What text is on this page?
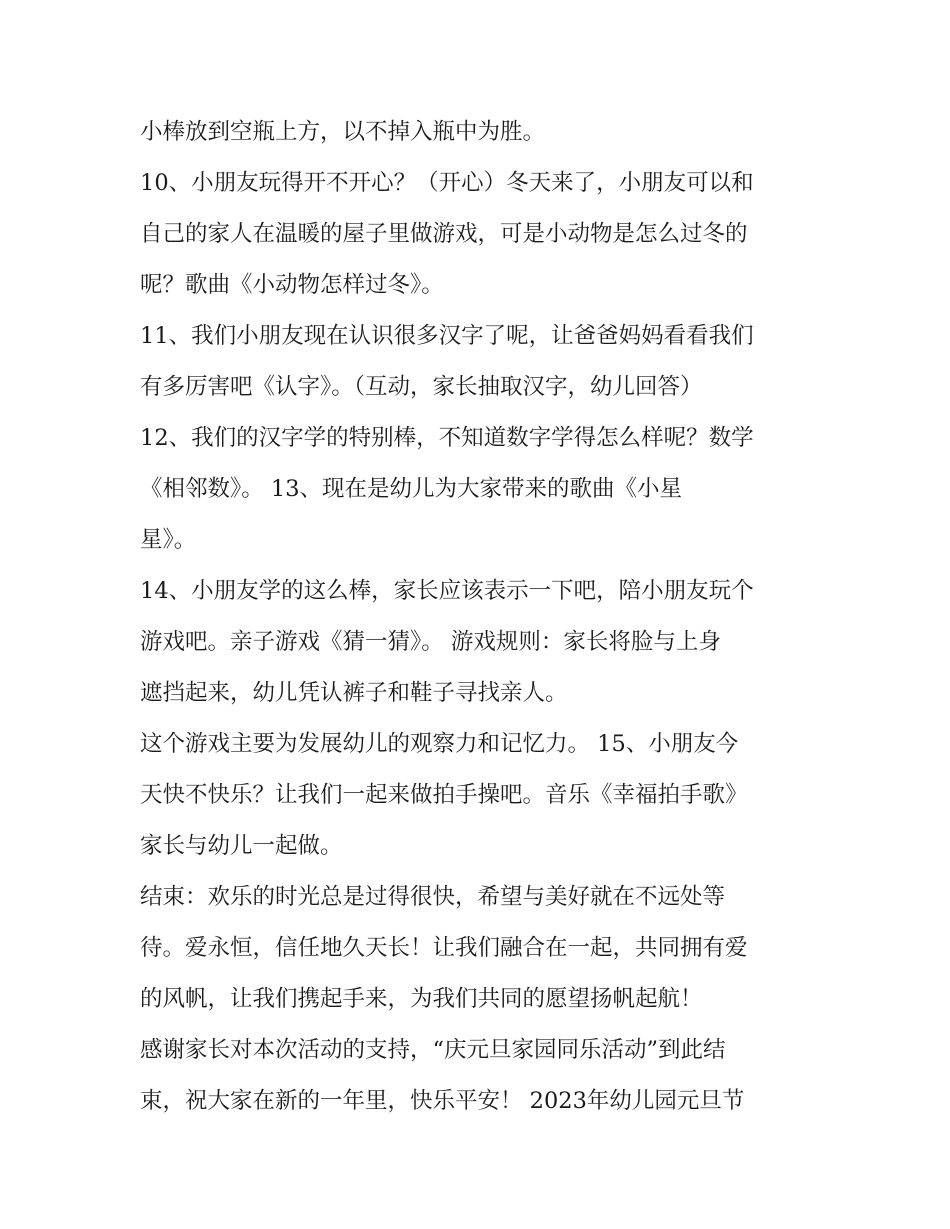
小棒放到空瓶上方，以不掉入瓶中为胜。
10、小朋友玩得开不开心？（开心）冬天来了，小朋友可以和
自己的家人在温暖的屋子里做游戏，可是小动物是怎么过冬的
呢？歌曲《小动物怎样过冬》。
11、我们小朋友现在认识很多汉字了呢，让爸爸妈妈看看我们
有多厉害吧《认字》。（互动，家长抽取汉字，幼儿回答）
12、我们的汉字学的特别棒，不知道数字学得怎么样呢？数学
《相邻数》。 13、现在是幼儿为大家带来的歌曲《小星
星》。
14、小朋友学的这么棒，家长应该表示一下吧，陪小朋友玩个
游戏吧。亲子游戏《猜一猜》。 游戏规则：家长将脸与上身
遮挡起来，幼儿凭认裤子和鞋子寻找亲人。
这个游戏主要为发展幼儿的观察力和记忆力。 15、小朋友今
天快不快乐？让我们一起来做拍手操吧。音乐《幸福拍手歌》
家长与幼儿一起做。
结束：欢乐的时光总是过得很快，希望与美好就在不远处等
待。爱永恒，信任地久天长！让我们融合在一起，共同拥有爱
的风帆，让我们携起手来，为我们共同的愿望扬帆起航！
感谢家长对本次活动的支持，“庆元旦家园同乐活动”到此结
束，祝大家在新的一年里，快乐平安！ 2023年幼儿园元旦节
